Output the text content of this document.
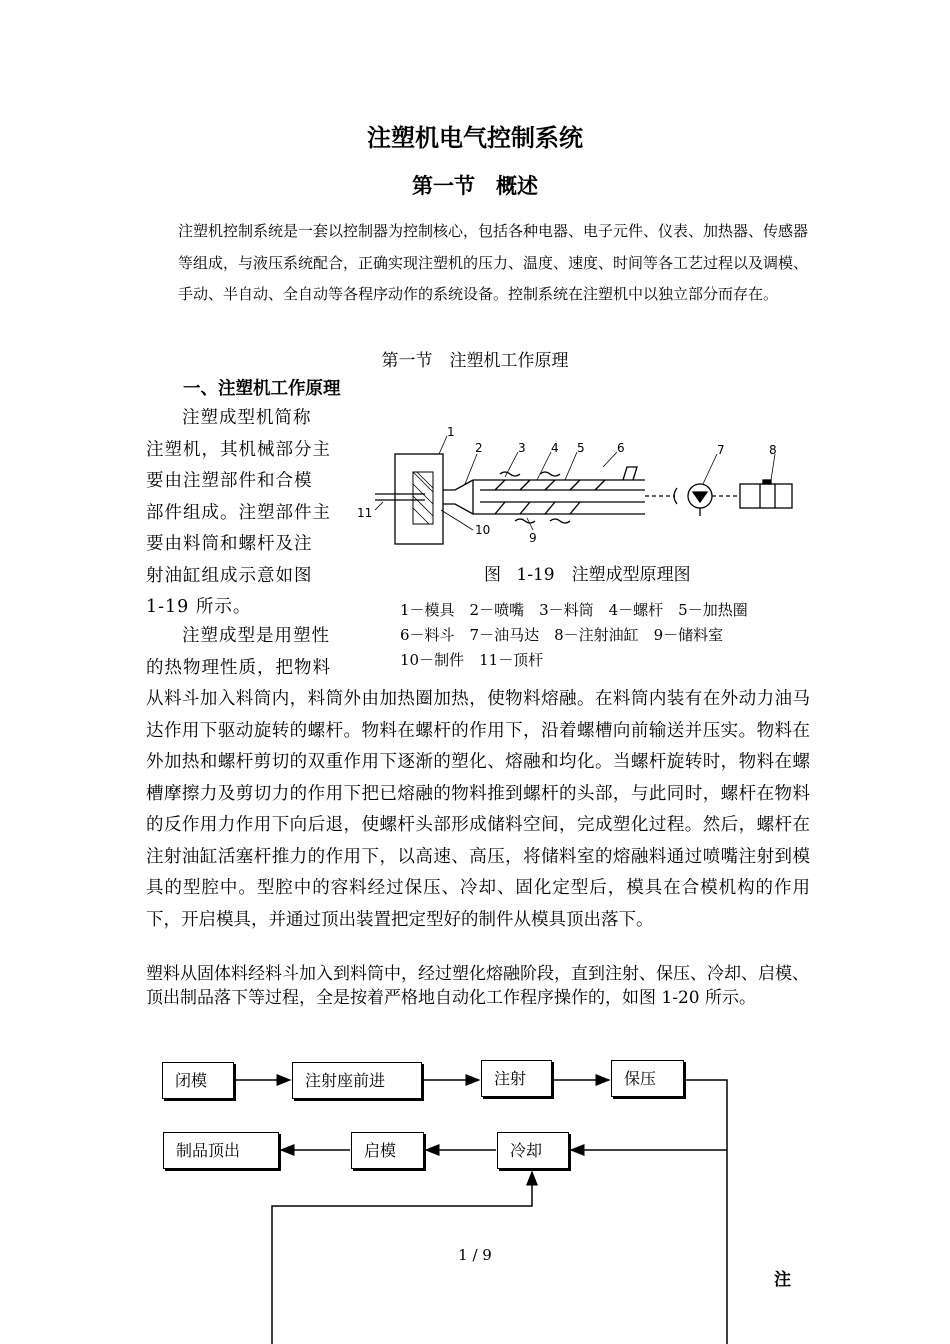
注塑机电气控制系统
第一节　概述
注塑机控制系统是一套以控制器为控制核心，包括各种电器、电子元件、仪表、加热器、传感器等组成，与液压系统配合，正确实现注塑机的压力、温度、速度、时间等各工艺过程以及调模、手动、半自动、全自动等各程序动作的系统设备。控制系统在注塑机中以独立部分而存在。
第一节　注塑机工作原理
一、注塑机工作原理
注塑成型机简称
注塑机，其机械部分主
要由注塑部件和合模
部件组成。注塑部件主
要由料筒和螺杆及注
射油缸组成示意如图
1-19 所示。
注塑成型是用塑性
的热物理性质，把物料
1
2	3 4 5	6	7	8
9
10
11
图 1-19　注塑成型原理图
1－模具　2－喷嘴　3－料筒　4－螺杆　5－加热圈
6－料斗　7－油马达　8－注射油缸　9－储料室
10－制件　11－顶杆
从料斗加入料筒内，料筒外由加热圈加热，使物料熔融。在料筒内装有在外动力油马达作用下驱动旋转的螺杆。物料在螺杆的作用下，沿着螺槽向前输送并压实。物料在外加热和螺杆剪切的双重作用下逐渐的塑化、熔融和均化。当螺杆旋转时，物料在螺槽摩擦力及剪切力的作用下把已熔融的物料推到螺杆的头部，与此同时，螺杆在物料的反作用力作用下向后退，使螺杆头部形成储料空间，完成塑化过程。然后，螺杆在注射油缸活塞杆推力的作用下，以高速、高压，将储料室的熔融料通过喷嘴注射到模具的型腔中。型腔中的容料经过保压、冷却、固化定型后，模具在合模机构的作用下，开启模具，并通过顶出装置把定型好的制件从模具顶出落下。
塑料从固体料经料斗加入到料筒中，经过塑化熔融阶段，直到注射、保压、冷却、启模、顶出制品落下等过程，全是按着严格地自动化工作程序操作的，如图 1-20 所示。
闭模	注射座前进	注射	保压
制品顶出	启模	冷却
1 / 9
注
